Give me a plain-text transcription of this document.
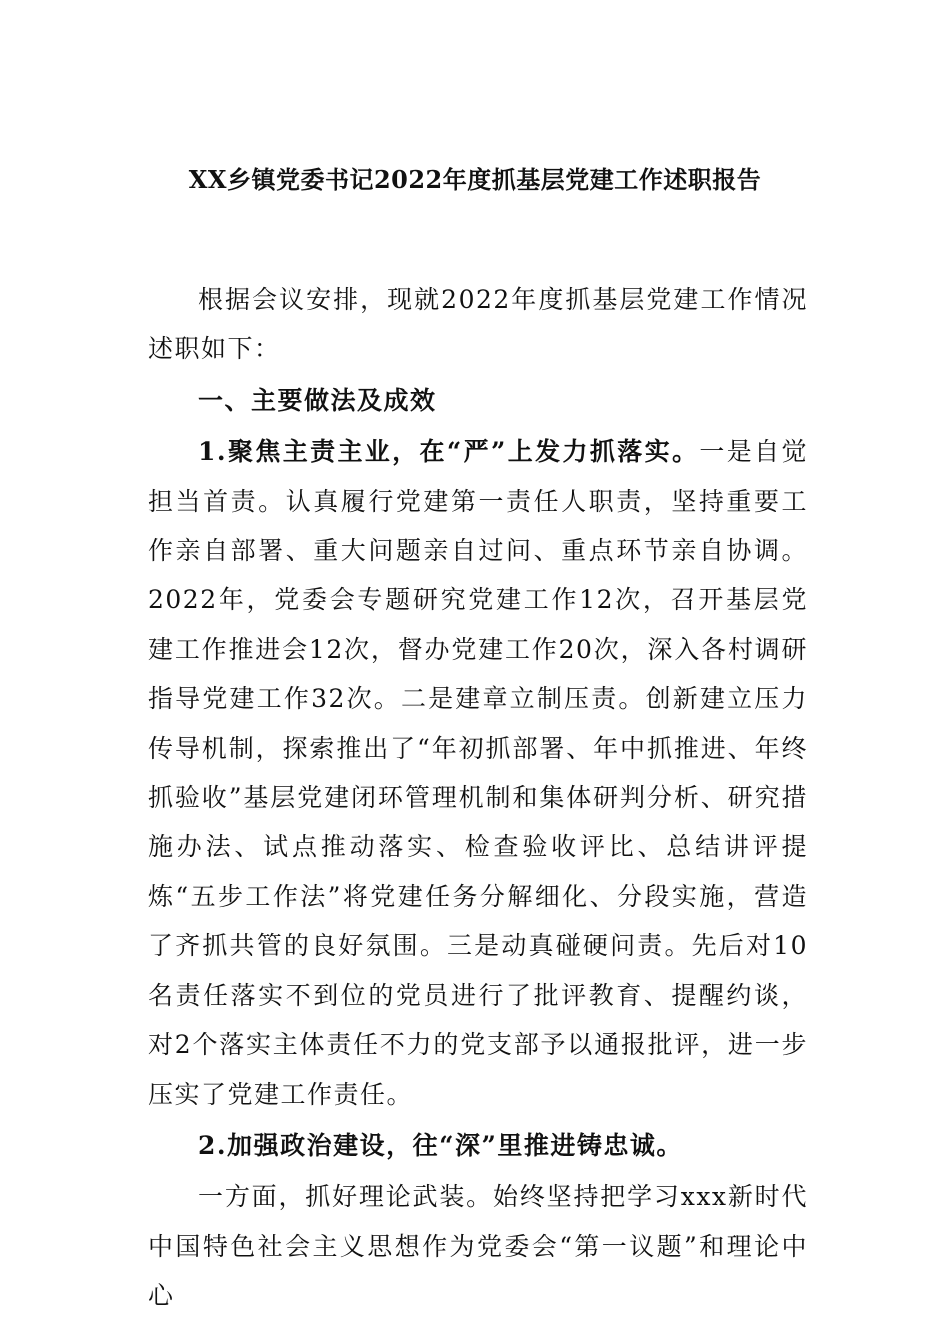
XX乡镇党委书记2022年度抓基层党建工作述职报告

根据会议安排，现就2022年度抓基层党建工作情况述职如下：

一、主要做法及成效

1.聚焦主责主业，在“严”上发力抓落实。一是自觉担当首责。认真履行党建第一责任人职责，坚持重要工作亲自部署、重大问题亲自过问、重点环节亲自协调。2022年，党委会专题研究党建工作12次，召开基层党建工作推进会12次，督办党建工作20次，深入各村调研指导党建工作32次。二是建章立制压责。创新建立压力传导机制，探索推出了“年初抓部署、年中抓推进、年终抓验收”基层党建闭环管理机制和集体研判分析、研究措施办法、试点推动落实、检查验收评比、总结讲评提炼“五步工作法”将党建任务分解细化、分段实施，营造了齐抓共管的良好氛围。三是动真碰硬问责。先后对10名责任落实不到位的党员进行了批评教育、提醒约谈，对2个落实主体责任不力的党支部予以通报批评，进一步压实了党建工作责任。

2.加强政治建设，往“深”里推进铸忠诚。

一方面，抓好理论武装。始终坚持把学习xxx新时代中国特色社会主义思想作为党委会“第一议题”和理论中心
